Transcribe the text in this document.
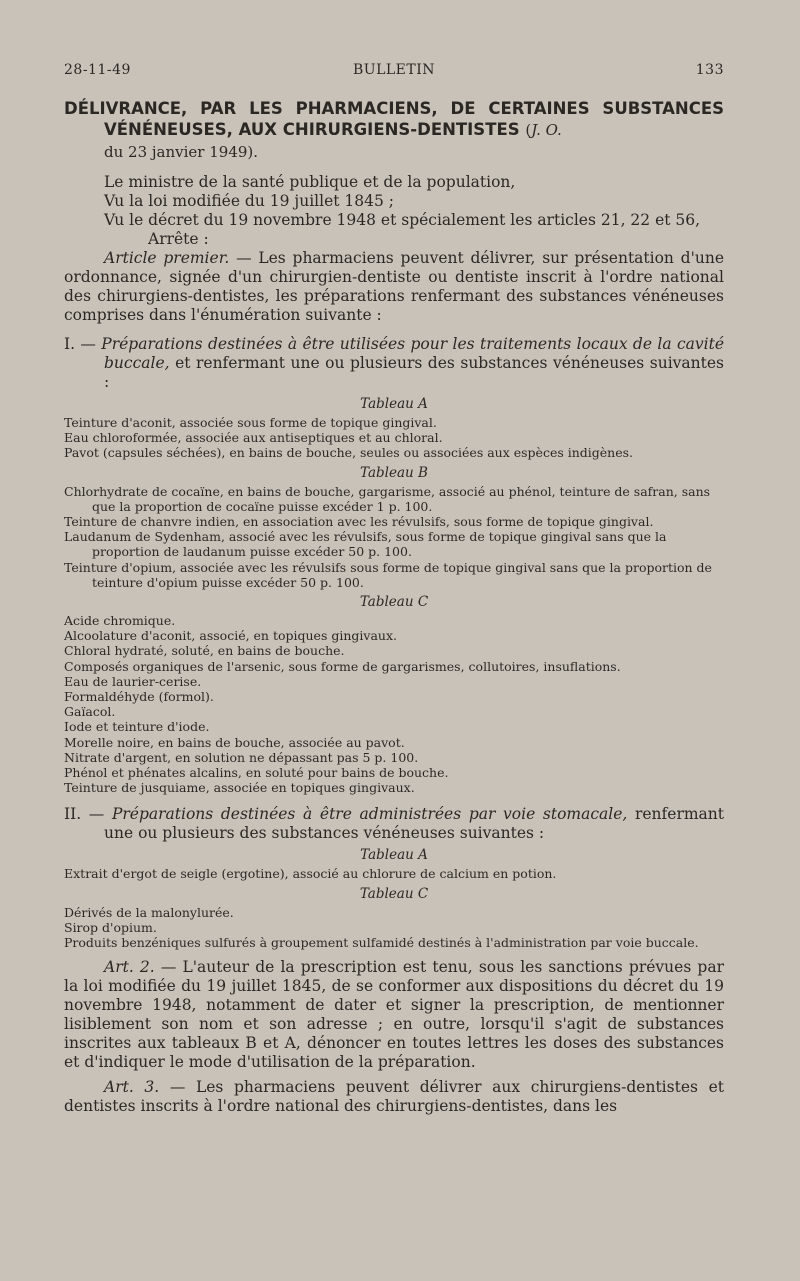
28-11-49	BULLETIN	133

DÉLIVRANCE, PAR LES PHARMACIENS, DE CERTAINES SUBSTANCES VÉNÉNEUSES, AUX CHIRURGIENS-DENTISTES (J. O.
du 23 janvier 1949).

Le ministre de la santé publique et de la population,

Vu la loi modifiée du 19 juillet 1845 ;

Vu le décret du 19 novembre 1948 et spécialement les articles 21, 22 et 56,

Arrête :

Article premier. — Les pharmaciens peuvent délivrer, sur présentation d'une ordonnance, signée d'un chirurgien-dentiste ou dentiste inscrit à l'ordre national des chirurgiens-dentistes, les préparations renfermant des substances vénéneuses comprises dans l'énumération suivante :

I. — Préparations destinées à être utilisées pour les traitements locaux de la cavité buccale, et renfermant une ou plusieurs des substances vénéneuses suivantes :

Tableau A

Teinture d'aconit, associée sous forme de topique gingival.

Eau chloroformée, associée aux antiseptiques et au chloral.

Pavot (capsules séchées), en bains de bouche, seules ou associées aux espèces indigènes.

Tableau B

Chlorhydrate de cocaïne, en bains de bouche, gargarisme, associé au phénol, teinture de safran, sans que la proportion de cocaïne puisse excéder 1 p. 100.

Teinture de chanvre indien, en association avec les révulsifs, sous forme de topique gingival.

Laudanum de Sydenham, associé avec les révulsifs, sous forme de topique gingival sans que la proportion de laudanum puisse excéder 50 p. 100.

Teinture d'opium, associée avec les révulsifs sous forme de topique gingival sans que la proportion de teinture d'opium puisse excéder 50 p. 100.

Tableau C

Acide chromique.

Alcoolature d'aconit, associé, en topiques gingivaux.

Chloral hydraté, soluté, en bains de bouche.

Composés organiques de l'arsenic, sous forme de gargarismes, collutoires, insuflations.

Eau de laurier-cerise.

Formaldéhyde (formol).

Gaïacol.

Iode et teinture d'iode.

Morelle noire, en bains de bouche, associée au pavot.

Nitrate d'argent, en solution ne dépassant pas 5 p. 100.

Phénol et phénates alcalins, en soluté pour bains de bouche.

Teinture de jusquiame, associée en topiques gingivaux.

II. — Préparations destinées à être administrées par voie stomacale, renfermant une ou plusieurs des substances vénéneuses suivantes :

Tableau A

Extrait d'ergot de seigle (ergotine), associé au chlorure de calcium en potion.

Tableau C

Dérivés de la malonylurée.

Sirop d'opium.

Produits benzéniques sulfurés à groupement sulfamidé destinés à l'administration par voie buccale.

Art. 2. — L'auteur de la prescription est tenu, sous les sanctions prévues par la loi modifiée du 19 juillet 1845, de se conformer aux dispositions du décret du 19 novembre 1948, notamment de dater et signer la prescription, de mentionner lisiblement son nom et son adresse ; en outre, lorsqu'il s'agit de substances inscrites aux tableaux B et A, dénoncer en toutes lettres les doses des substances et d'indiquer le mode d'utilisation de la préparation.

Art. 3. — Les pharmaciens peuvent délivrer aux chirurgiens-dentistes et dentistes inscrits à l'ordre national des chirurgiens-dentistes, dans les
